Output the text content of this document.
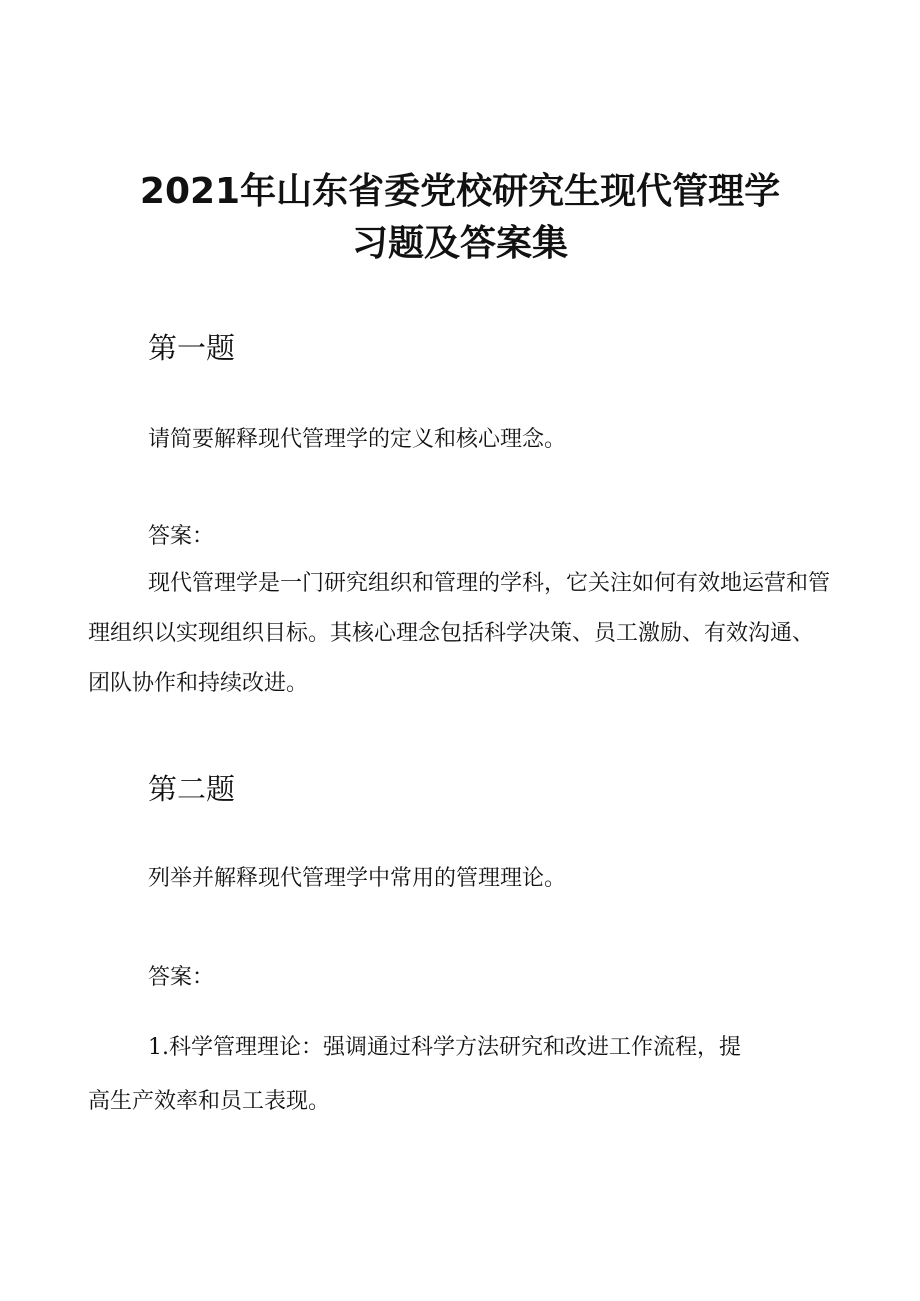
2021年山东省委党校研究生现代管理学
习题及答案集
第一题

请简要解释现代管理学的定义和核心理念。

答案：

现代管理学是一门研究组织和管理的学科，它关注如何有效地运营和管

理组织以实现组织目标。其核心理念包括科学决策、员工激励、有效沟通、

团队协作和持续改进。

第二题

列举并解释现代管理学中常用的管理理论。

答案：

1.科学管理理论：强调通过科学方法研究和改进工作流程，提

高生产效率和员工表现。
